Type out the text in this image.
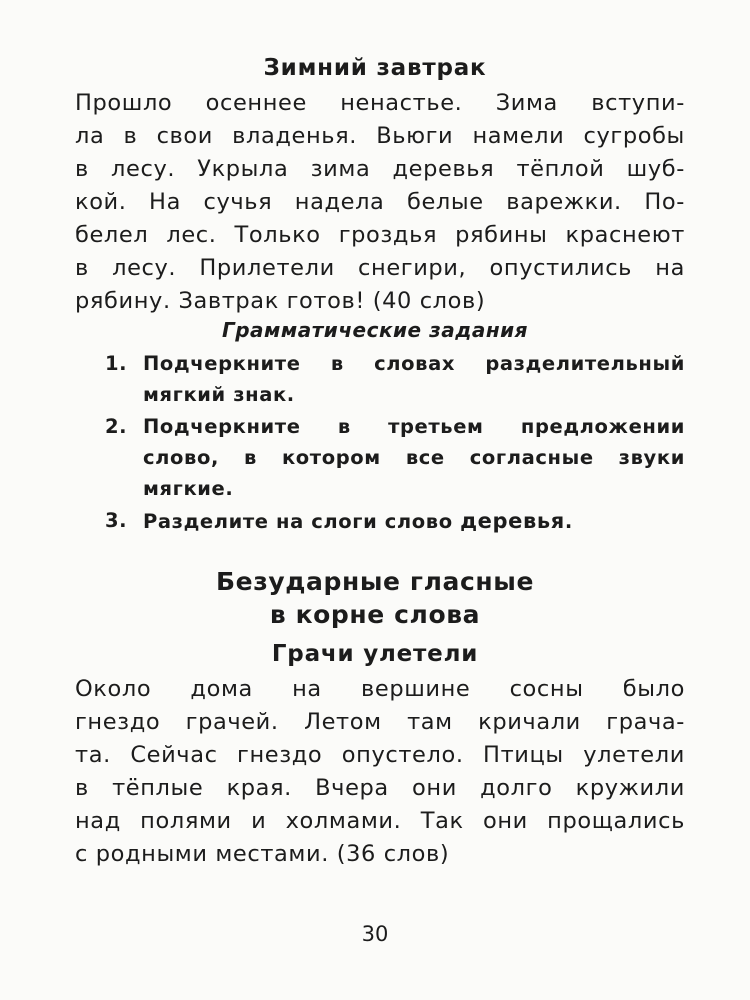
Зимний завтрак
Прошло осеннее ненастье. Зима вступи-
ла в свои владенья. Вьюги намели сугробы
в лесу. Укрыла зима деревья тёплой шуб-
кой. На сучья надела белые варежки. По-
белел лес. Только гроздья рябины краснеют
в лесу. Прилетели снегири, опустились на
рябину. Завтрак готов! (40 слов)
Грамматические задания
1. Подчеркните в словах разделительный
мягкий знак.
2. Подчеркните в третьем предложении
слово, в котором все согласные звуки
мягкие.
3. Разделите на слоги слово деревья.
Безударные гласные
в корне слова
Грачи улетели
Около дома на вершине сосны было
гнездо грачей. Летом там кричали грача-
та. Сейчас гнездо опустело. Птицы улетели
в тёплые края. Вчера они долго кружили
над полями и холмами. Так они прощались
с родными местами. (36 слов)
30
